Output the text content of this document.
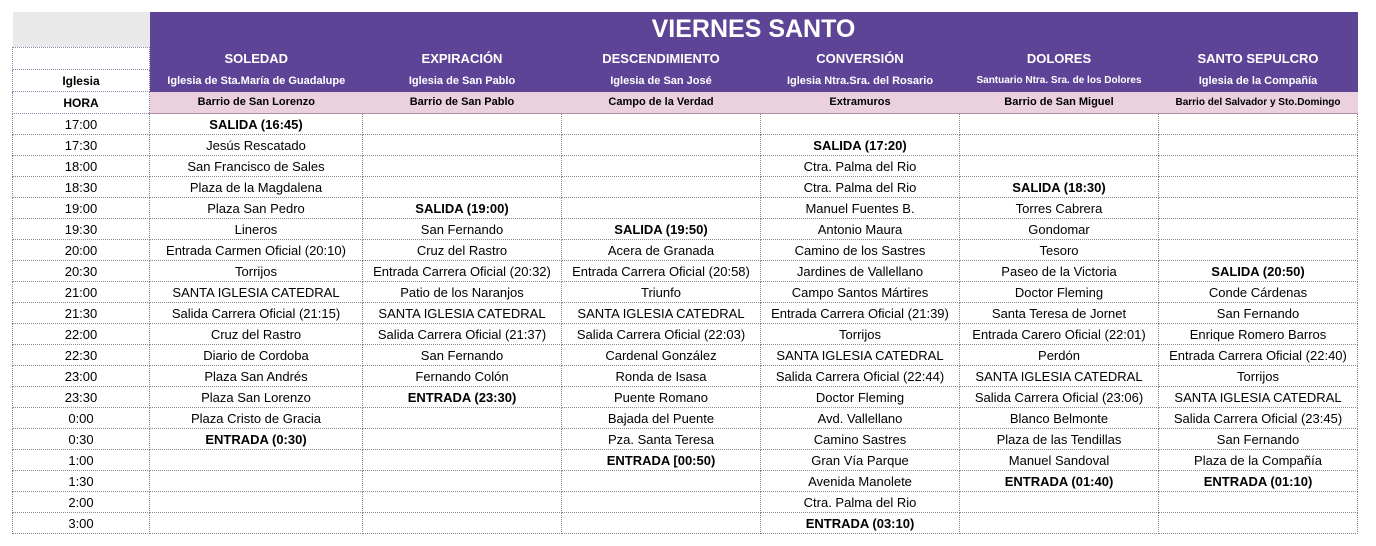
	VIERNES SANTO					
	SOLEDAD	EXPIRACIÓN	DESCENDIMIENTO	CONVERSIÓN	DOLORES	SANTO SEPULCRO
Iglesia	Iglesia de Sta.María de Guadalupe	Iglesia de San Pablo	Iglesia de San José	Iglesia Ntra.Sra. del Rosario	Santuario Ntra. Sra. de los Dolores	Iglesia de la Compañía
HORA	Barrio de San Lorenzo	Barrio de San Pablo	Campo de la Verdad	Extramuros	Barrio de San Miguel	Barrio del Salvador y Sto.Domingo
17:00	SALIDA (16:45)					
17:30	Jesús Rescatado			SALIDA (17:20)		
18:00	San Francisco de Sales			Ctra. Palma del Rio		
18:30	Plaza de la Magdalena			Ctra. Palma del Rio	SALIDA (18:30)	
19:00	Plaza San Pedro	SALIDA (19:00)		Manuel Fuentes B.	Torres Cabrera	
19:30	Lineros	San Fernando	SALIDA (19:50)	Antonio Maura	Gondomar	
20:00	Entrada Carmen Oficial (20:10)	Cruz del Rastro	Acera de Granada	Camino de los Sastres	Tesoro	
20:30	Torrijos	Entrada Carrera Oficial (20:32)	Entrada Carrera Oficial (20:58)	Jardines de Vallellano	Paseo de la Victoria	SALIDA (20:50)
21:00	SANTA IGLESIA CATEDRAL	Patio de los Naranjos	Triunfo	Campo Santos Mártires	Doctor Fleming	Conde Cárdenas
21:30	Salida Carrera Oficial (21:15)	SANTA IGLESIA CATEDRAL	SANTA IGLESIA CATEDRAL	Entrada Carrera Oficial (21:39)	Santa Teresa de Jornet	San Fernando
22:00	Cruz del Rastro	Salida Carrera Oficial (21:37)	Salida Carrera Oficial (22:03)	Torrijos	Entrada Carero Oficial (22:01)	Enrique Romero Barros
22:30	Diario de Cordoba	San Fernando	Cardenal González	SANTA IGLESIA CATEDRAL	Perdón	Entrada Carrera Oficial (22:40)
23:00	Plaza San Andrés	Fernando Colón	Ronda de Isasa	Salida Carrera Oficial (22:44)	SANTA IGLESIA CATEDRAL	Torrijos
23:30	Plaza San Lorenzo	ENTRADA (23:30)	Puente Romano	Doctor Fleming	Salida Carrera Oficial (23:06)	SANTA IGLESIA CATEDRAL
0:00	Plaza Cristo de Gracia		Bajada del Puente	Avd. Vallellano	Blanco Belmonte	Salida Carrera Oficial (23:45)
0:30	ENTRADA (0:30)		Pza. Santa Teresa	Camino Sastres	Plaza de las Tendillas	San Fernando
1:00			ENTRADA [00:50)	Gran Vía Parque	Manuel Sandoval	Plaza de la Compañía
1:30				Avenida Manolete	ENTRADA (01:40)	ENTRADA (01:10)
2:00				Ctra. Palma del Rio		
3:00				ENTRADA (03:10)		
